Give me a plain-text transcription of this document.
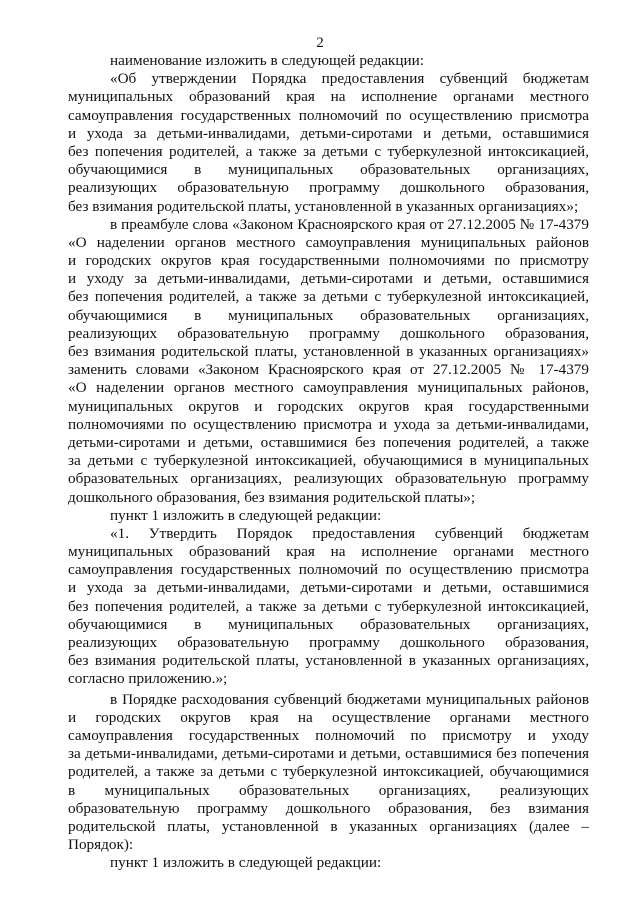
2
наименование изложить в следующей редакции:
«Об утверждении Порядка предоставления субвенций бюджетам
муниципальных образований края на исполнение органами местного
самоуправления государственных полномочий по осуществлению присмотра
и ухода за детьми-инвалидами, детьми-сиротами и детьми, оставшимися
без попечения родителей, а также за детьми с туберкулезной интоксикацией,
обучающимися в муниципальных образовательных организациях,
реализующих образовательную программу дошкольного образования,
без взимания родительской платы, установленной в указанных организациях»;
в преамбуле слова «Законом Красноярского края от 27.12.2005 № 17-4379
«О наделении органов местного самоуправления муниципальных районов
и городских округов края государственными полномочиями по присмотру
и уходу за детьми-инвалидами, детьми-сиротами и детьми, оставшимися
без попечения родителей, а также за детьми с туберкулезной интоксикацией,
обучающимися в муниципальных образовательных организациях,
реализующих образовательную программу дошкольного образования,
без взимания родительской платы, установленной в указанных организациях»
заменить словами «Законом Красноярского края от 27.12.2005 № 17-4379
«О наделении органов местного самоуправления муниципальных районов,
муниципальных округов и городских округов края государственными
полномочиями по осуществлению присмотра и ухода за детьми-инвалидами,
детьми-сиротами и детьми, оставшимися без попечения родителей, а также
за детьми с туберкулезной интоксикацией, обучающимися в муниципальных
образовательных организациях, реализующих образовательную программу
дошкольного образования, без взимания родительской платы»;
пункт 1 изложить в следующей редакции:
«1. Утвердить Порядок предоставления субвенций бюджетам
муниципальных образований края на исполнение органами местного
самоуправления государственных полномочий по осуществлению присмотра
и ухода за детьми-инвалидами, детьми-сиротами и детьми, оставшимися
без попечения родителей, а также за детьми с туберкулезной интоксикацией,
обучающимися в муниципальных образовательных организациях,
реализующих образовательную программу дошкольного образования,
без взимания родительской платы, установленной в указанных организациях,
согласно приложению.»;
в Порядке расходования субвенций бюджетами муниципальных районов
и городских округов края на осуществление органами местного
самоуправления государственных полномочий по присмотру и уходу
за детьми-инвалидами, детьми-сиротами и детьми, оставшимися без попечения
родителей, а также за детьми с туберкулезной интоксикацией, обучающимися
в муниципальных образовательных организациях, реализующих
образовательную программу дошкольного образования, без взимания
родительской платы, установленной в указанных организациях (далее –
Порядок):
пункт 1 изложить в следующей редакции:
